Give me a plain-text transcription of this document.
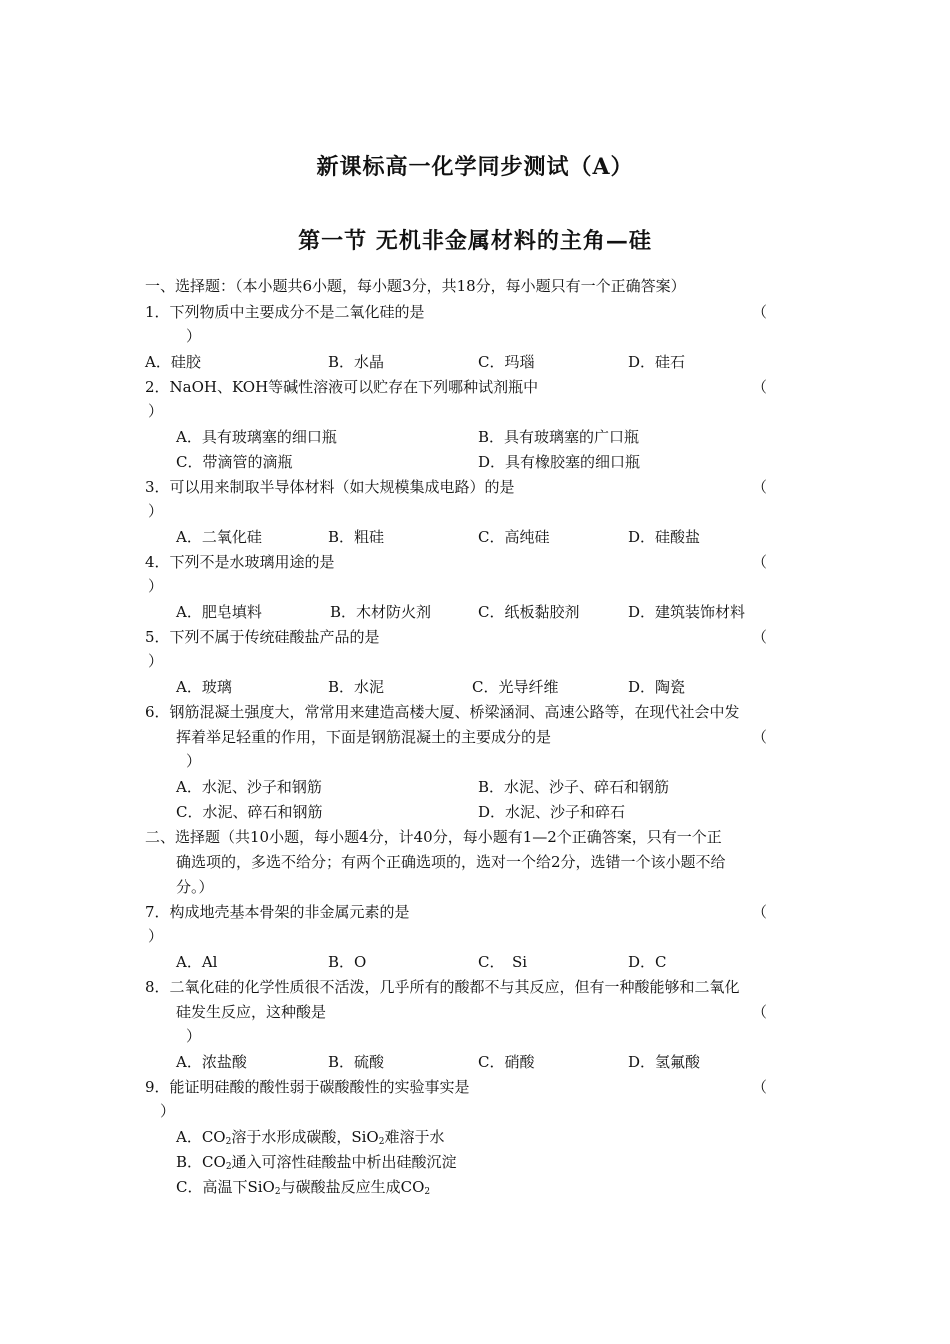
新课标高一化学同步测试（A）
第一节 无机非金属材料的主角—硅
一、选择题：（本小题共6小题，每小题3分，共18分，每小题只有一个正确答案）
1．下列物质中主要成分不是二氧化硅的是	（
）
A．硅胶	B．水晶	C．玛瑙	D．硅石
2．NaOH、KOH等碱性溶液可以贮存在下列哪种试剂瓶中	（
）
A．具有玻璃塞的细口瓶	B．具有玻璃塞的广口瓶
C．带滴管的滴瓶	D．具有橡胶塞的细口瓶
3．可以用来制取半导体材料（如大规模集成电路）的是	（
）
A．二氧化硅	B．粗硅	C．高纯硅	D．硅酸盐
4．下列不是水玻璃用途的是	（
）
A．肥皂填料	B．木材防火剂	C．纸板黏胶剂	D．建筑装饰材料
5．下列不属于传统硅酸盐产品的是	（
）
A．玻璃	B．水泥	C．光导纤维	D．陶瓷
6．钢筋混凝土强度大，常常用来建造高楼大厦、桥梁涵洞、高速公路等，在现代社会中发
挥着举足轻重的作用，下面是钢筋混凝土的主要成分的是	（
）
A．水泥、沙子和钢筋	B．水泥、沙子、碎石和钢筋
C．水泥、碎石和钢筋	D．水泥、沙子和碎石
二、选择题（共10小题，每小题4分，计40分，每小题有1—2个正确答案，只有一个正
确选项的，多选不给分；有两个正确选项的，选对一个给2分，选错一个该小题不给
分。）
7．构成地壳基本骨架的非金属元素的是	（
）
A．Al	B．O	C．　Si	D．C
8．二氧化硅的化学性质很不活泼，几乎所有的酸都不与其反应，但有一种酸能够和二氧化
硅发生反应，这种酸是	（
）
A．浓盐酸	B．硫酸	C．硝酸	D．氢氟酸
9．能证明硅酸的酸性弱于碳酸酸性的实验事实是	（
）
A．$CO_2$溶于水形成碳酸，SiO$_2$难溶于水
B．$CO_2$通入可溶性硅酸盐中析出硅酸沉淀
C．高温下SiO$_2$与碳酸盐反应生成$CO_2$
